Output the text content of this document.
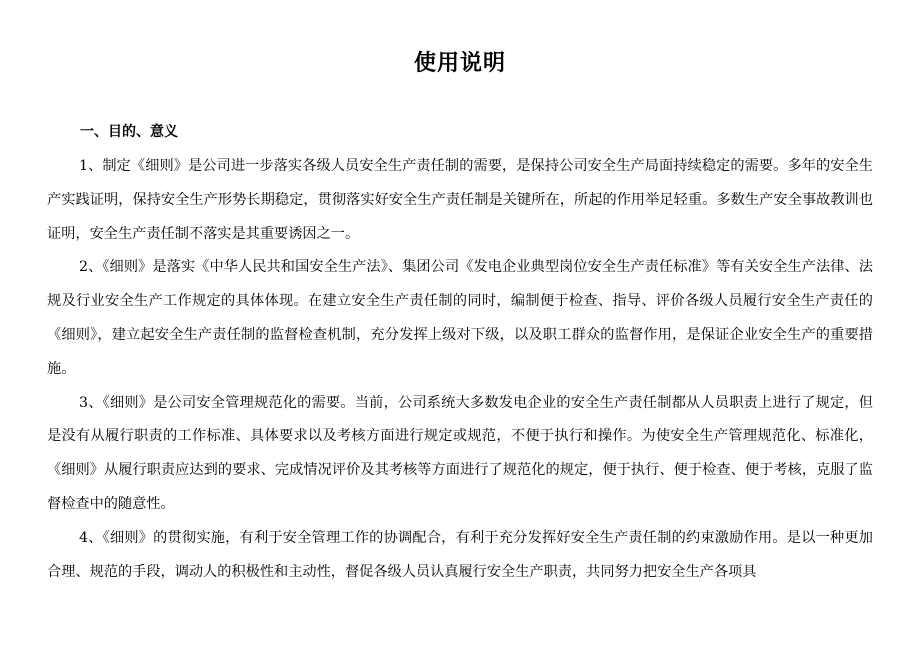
使用说明
一、目的、意义

1、制定《细则》是公司进一步落实各级人员安全生产责任制的需要，是保持公司安全生产局面持续稳定的需要。多年的安全生产实践证明，保持安全生产形势长期稳定，贯彻落实好安全生产责任制是关键所在，所起的作用举足轻重。多数生产安全事故教训也证明，安全生产责任制不落实是其重要诱因之一。

2、《细则》是落实《中华人民共和国安全生产法》、集团公司《发电企业典型岗位安全生产责任标准》等有关安全生产法律、法规及行业安全生产工作规定的具体体现。在建立安全生产责任制的同时，编制便于检查、指导、评价各级人员履行安全生产责任的《细则》，建立起安全生产责任制的监督检查机制，充分发挥上级对下级，以及职工群众的监督作用，是保证企业安全生产的重要措施。

3、《细则》是公司安全管理规范化的需要。当前，公司系统大多数发电企业的安全生产责任制都从人员职责上进行了规定，但是没有从履行职责的工作标准、具体要求以及考核方面进行规定或规范，不便于执行和操作。为使安全生产管理规范化、标准化，《细则》从履行职责应达到的要求、完成情况评价及其考核等方面进行了规范化的规定，便于执行、便于检查、便于考核，克服了监督检查中的随意性。

4、《细则》的贯彻实施，有利于安全管理工作的协调配合，有利于充分发挥好安全生产责任制的约束激励作用。是以一种更加合理、规范的手段，调动人的积极性和主动性，督促各级人员认真履行安全生产职责，共同努力把安全生产各项具
